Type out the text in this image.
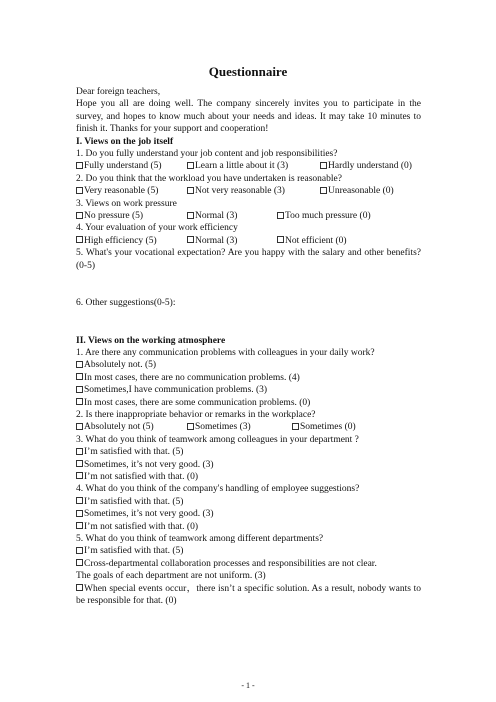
Questionnaire
Dear foreign teachers,
Hope you all are doing well. The company sincerely invites you to participate in the survey, and hopes to know much about your needs and ideas. It may take 10 minutes to finish it. Thanks for your support and cooperation!
I. Views on the job itself
1. Do you fully understand your job content and job responsibilities?
Fully understand (5)	Learn a little about it (3)	Hardly understand (0)
2. Do you think that the workload you have undertaken is reasonable?
Very reasonable (5)	Not very reasonable (3)	Unreasonable (0)
3. Views on work pressure
No pressure (5)	Normal (3)	Too much pressure (0)
4. Your evaluation of your work efficiency
High efficiency (5)	Normal (3)	Not efficient (0)
5. What's your vocational expectation? Are you happy with the salary and other benefits? (0-5)
6. Other suggestions(0-5):
II. Views on the working atmosphere
1. Are there any communication problems with colleagues in your daily work?
Absolutely not. (5)
In most cases, there are no communication problems. (4)
Sometimes,I have communication problems. (3)
In most cases, there are some communication problems. (0)
2. Is there inappropriate behavior or remarks in the workplace?
Absolutely not (5)	Sometimes (3)	Sometimes (0)
3. What do you think of teamwork among colleagues in your department ?
I’m satisfied with that. (5)
Sometimes, it’s not very good. (3)
I’m not satisfied with that. (0)
4. What do you think of the company's handling of employee suggestions?
I’m satisfied with that. (5)
Sometimes, it’s not very good. (3)
I’m not satisfied with that. (0)
5. What do you think of teamwork among different departments?
I’m satisfied with that. (5)
Cross-departmental collaboration processes and responsibilities are not clear.
The goals of each department are not uniform. (3)
When special events occur，there isn’t a specific solution. As a result, nobody wants to be responsible for that. (0)
- 1 -
